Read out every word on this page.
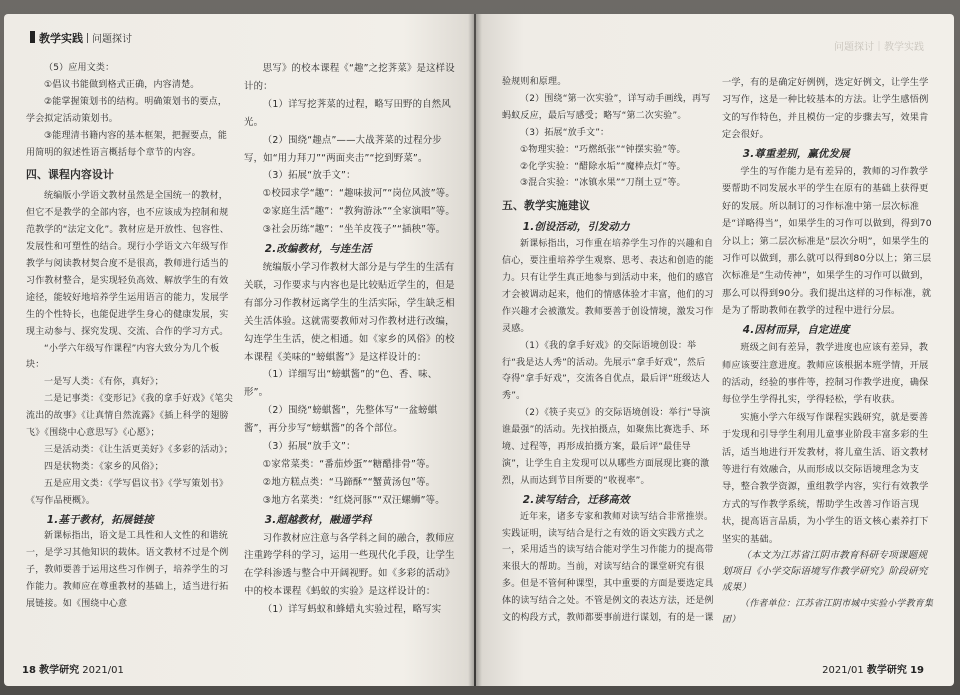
教学实践 问题探讨

（5）应用文类：

①倡议书能做到格式正确，内容清楚。

②能掌握策划书的结构。明确策划书的要点，学会拟定活动策划书。

③能理清书籍内容的基本框架，把握要点，能用简明的叙述性语言概括每个章节的内容。

四、课程内容设计

统编版小学语文教材虽然是全国统一的教材，但它不是教学的全部内容，也不应该成为控制和规范教学的“法定文化”。教材应是开放性、包容性、发展性和可塑性的结合。现行小学语文六年级写作教学与阅读教材契合度不是很高，教师进行适当的习作教材整合，是实现轻负高效、解放学生的有效途径，能较好地培养学生运用语言的能力，发展学生的个性特长，也能促进学生身心的健康发展，实现主动参与、探究发现、交流、合作的学习方式。

“小学六年级写作课程”内容大致分为几个板块：

一是写人类：《有你，真好》；

二是记事类：《变形记》《我的拿手好戏》《笔尖流出的故事》《让真情自然流露》《插上科学的翅膀飞》《围绕中心意思写》《心愿》；

三是活动类：《让生活更美好》《多彩的活动》；

四是状物类：《家乡的风俗》；

五是应用文类：《学写倡议书》《学写策划书》《写作品梗概》。

1.基于教材，拓展链接

新课标指出，语文是工具性和人文性的和谐统一，是学习其他知识的载体。语文教材不过是个例子，教师要善于运用这些习作例子，培养学生的习作能力。教师应在尊重教材的基础上，适当进行拓展链接。如《围绕中心意

思写》的校本课程《“趣”之挖荠菜》是这样设计的：

（1）详写挖荠菜的过程，略写田野的自然风光。

（2）围绕“趣点”——大战荠菜的过程分步写，如“用力拜刀”“两面夹击”“挖到野菜”。

（3）拓展“放手文”：

①校园求学“趣”：“趣味拔河”“岗位风波”等。

②家庭生活“趣”：“教狗游泳”“全家演唱”等。

③社会历练“趣”：“坐羊皮筏子”“插秧”等。

2.改编教材，与连生活

统编版小学习作教材大部分是与学生的生活有关联，习作要求与内容也是比较贴近学生的，但是有部分习作教材远离学生的生活实际，学生缺乏相关生活体验。这就需要教师对习作教材进行改编，勾连学生生活，使之相通。如《家乡的风俗》的校本课程《美味的“螃蜞酱”》是这样设计的：

（1）详细写出“螃蜞酱”的“色、香、味、形”。

（2）围绕“螃蜞酱”，先整体写“一盆螃蜞酱”，再分步写“螃蜞酱”的各个部位。

（3）拓展“放手文”：

①家常菜类：“番茄炒蛋”“糖醋排骨”等。

②地方糕点类：“马蹄酥”“蟹黄汤包”等。

③地方名菜类：“红烧河豚”“双汪螺蛳”等。

3.超越教材，融通学科

习作教材应注意与各学科之间的融合，教师应注重跨学科的学习，运用一些现代化手段，让学生在学科渗透与整合中开阔视野。如《多彩的活动》中的校本课程《蚂蚁的实验》是这样设计的：

（1）详写蚂蚁和蜂蜡丸实验过程，略写实

18 教学研究 2021/01
问题探讨｜教学实践

验规则和原理。

（2）围绕“第一次实验”，详写动手画线，再写蚂蚁反应，最后写感受；略写“第二次实验”。

（3）拓展“放手文”：

①物理实验：“巧燃纸张”“钟摆实验”等。

②化学实验：“醋除水垢”“魔棒点灯”等。

③混合实验：“冰镇水果”“刀削土豆”等。

五、教学实施建议
1.创设活动，引发动力

新课标指出，习作重在培养学生习作的兴趣和自信心，要注重培养学生观察、思考、表达和创造的能力。只有让学生真正地参与到活动中来，他们的感官才会被调动起来，他们的情感体验才丰富，他们的习作兴趣才会被激发。教师要善于创设情境，激发习作灵感。

（1）《我的拿手好戏》的交际语境创设：举行“我是达人秀”的活动。先展示“拿手好戏”，然后夺得“拿手好戏”，交流各自优点，最后评“班级达人秀”。

（2）《筷子夹豆》的交际语境创设：举行“导演谁最强”的活动。先找拍摄点，如聚焦比赛选手、环境、过程等，再形成拍摄方案，最后评“最佳导演”，让学生自主发现可以从哪些方面展现比赛的激烈，从而达到节目所要的“收视率”。

2.读写结合，迁移高效

近年来，诸多专家和教师对读写结合非常推崇。实践证明，读写结合是行之有效的语文实践方式之一，采用适当的读写结合能对学生习作能力的提高带来很大的帮助。当前，对读写结合的课堂研究有很多。但是不管何种课型，其中重要的方面是要选定具体的读写结合之处。不管是例文的表达方法，还是例文的构段方式，教师都要事前进行谋划，有的是一课

一学，有的是确定好例例，选定好例文，让学生学习写作，这是一种比较基本的方法。让学生感悟例文的写作特色，并且模仿一定的步骤去写，效果肯定会很好。

3.尊重差别，赢优发展

学生的写作能力是有差异的，教师的习作教学要帮助不同发展水平的学生在原有的基础上获得更好的发展。所以制订的习作标准中第一层次标准是“详略得当”，如果学生的习作可以做到，得到70分以上；第二层次标准是“层次分明”，如果学生的习作可以做到，那么就可以得到80分以上；第三层次标准是“生动传神”，如果学生的习作可以做到，那么可以得到90分。我们提出这样的习作标准，就是为了帮助教师在教学的过程中进行分层。

4.因材而异，自定进度

班级之间有差异，教学进度也应该有差异，教师应该要注意进度。教师应该根据本班学情，开展的活动，经验的事件等，控制习作教学进度，确保每位学生学得扎实，学得轻松，学有收获。

实施小学六年级写作课程实践研究，就是要善于发现和引导学生利用儿童事业阶段丰富多彩的生活，适当地进行开发教材，将儿童生活、语文教材等进行有效融合，从而形成以交际语境理念为支导，整合教学资源，重组教学内容，实行有效教学方式的写作教学系统，帮助学生改善习作语言现状，提高语言品质，为小学生的语文核心素养打下坚实的基础。

（本文为江苏省江阴市教育科研专项课题规划项目《小学交际语境写作教学研究》阶段研究成果）

（作者单位：江苏省江阴市城中实验小学教育集团）

2021/01 教学研究 19
